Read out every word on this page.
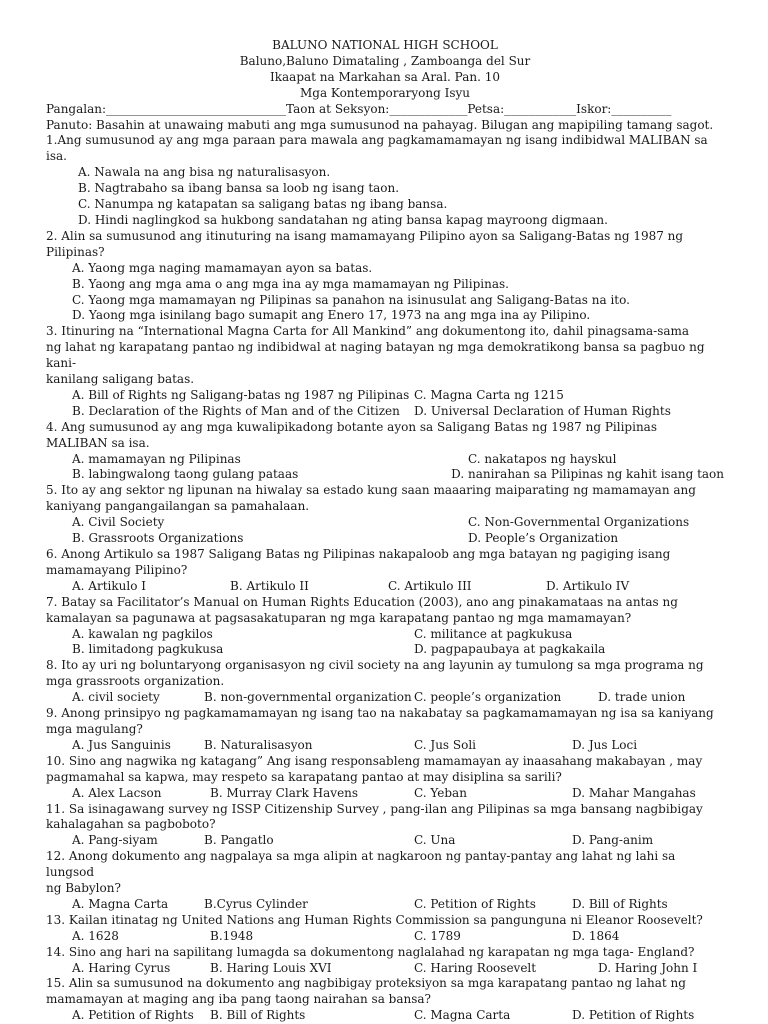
BALUNO NATIONAL HIGH SCHOOL
Baluno,Baluno Dimataling , Zamboanga del Sur
Ikaapat na Markahan sa Aral. Pan. 10
Mga Kontemporaryong Isyu
Pangalan:______________________________Taon at Seksyon:_____________Petsa:____________Iskor:__________
Panuto: Basahin at unawaing mabuti ang mga sumusunod na pahayag. Bilugan ang mapipiling tamang sagot.
1.Ang sumusunod ay ang mga paraan para mawala ang pagkamamamayan ng isang indibidwal MALIBAN sa isa.
A. Nawala na ang bisa ng naturalisasyon.
B. Nagtrabaho sa ibang bansa sa loob ng isang taon.
C. Nanumpa ng katapatan sa saligang batas ng ibang bansa.
D. Hindi naglingkod sa hukbong sandatahan ng ating bansa kapag mayroong digmaan.
2. Alin sa sumusunod ang itinuturing na isang mamamayang Pilipino ayon sa Saligang-Batas ng 1987 ng
Pilipinas?
A. Yaong mga naging mamamayan ayon sa batas.
B. Yaong ang mga ama o ang mga ina ay mga mamamayan ng Pilipinas.
C. Yaong mga mamamayan ng Pilipinas sa panahon na isinusulat ang Saligang-Batas na ito.
D. Yaong mga isinilang bago sumapit ang Enero 17, 1973 na ang mga ina ay Pilipino.
3. Itinuring na “International Magna Carta for All Mankind” ang dokumentong ito, dahil pinagsama-sama
ng lahat ng karapatang pantao ng indibidwal at naging batayan ng mga demokratikong bansa sa pagbuo ng kani-
kanilang saligang batas.
A. Bill of Rights ng Saligang-batas ng 1987 ng Pilipinas C. Magna Carta ng 1215
B. Declaration of the Rights of Man and of the Citizen	D. Universal Declaration of Human Rights
4. Ang sumusunod ay ang mga kuwalipikadong botante ayon sa Saligang Batas ng 1987 ng Pilipinas
MALIBAN sa isa.
A. mamamayan ng Pilipinas	C. nakatapos ng hayskul
B. labingwalong taong gulang pataas	D. nanirahan sa Pilipinas ng kahit isang taon
5. Ito ay ang sektor ng lipunan na hiwalay sa estado kung saan maaaring maiparating ng mamamayan ang
kaniyang pangangailangan sa pamahalaan.
A. Civil Society	C. Non-Governmental Organizations
B. Grassroots Organizations	D. People’s Organization
6. Anong Artikulo sa 1987 Saligang Batas ng Pilipinas nakapaloob ang mga batayan ng pagiging isang
mamamayang Pilipino?
A. Artikulo I	B. Artikulo II	C. Artikulo III	D. Artikulo IV
7. Batay sa Facilitator’s Manual on Human Rights Education (2003), ano ang pinakamataas na antas ng
kamalayan sa pagunawa at pagsasakatuparan ng mga karapatang pantao ng mga mamamayan?
A. kawalan ng pagkilos	C. militance at pagkukusa
B. limitadong pagkukusa	D. pagpapaubaya at pagkakaila
8. Ito ay uri ng boluntaryong organisasyon ng civil society na ang layunin ay tumulong sa mga programa ng
mga grassroots organization.
A. civil society	B. non-governmental organization C. people’s organization	D. trade union
9. Anong prinsipyo ng pagkamamamayan ng isang tao na nakabatay sa pagkamamamayan ng isa sa kaniyang
mga magulang?
A. Jus Sanguinis	B. Naturalisasyon	C. Jus Soli	D. Jus Loci
10. Sino ang nagwika ng katagang” Ang isang responsableng mamamayan ay inaasahang makabayan , may
pagmamahal sa kapwa, may respeto sa karapatang pantao at may disiplina sa sarili?
A. Alex Lacson	B. Murray Clark Havens	C. Yeban	D. Mahar Mangahas
11. Sa isinagawang survey ng ISSP Citizenship Survey , pang-ilan ang Pilipinas sa mga bansang nagbibigay
kahalagahan sa pagboboto?
A. Pang-siyam	B. Pangatlo	C. Una	D. Pang-anim
12. Anong dokumento ang nagpalaya sa mga alipin at nagkaroon ng pantay-pantay ang lahat ng lahi sa lungsod
ng Babylon?
A. Magna Carta	B.Cyrus Cylinder	C. Petition of Rights	D. Bill of Rights
13. Kailan itinatag ng United Nations ang Human Rights Commission sa pangunguna ni Eleanor Roosevelt?
A. 1628	B.1948	C. 1789	D. 1864
14. Sino ang hari na sapilitang lumagda sa dokumentong naglalahad ng karapatan ng mga taga- England?
A. Haring Cyrus	B. Haring Louis XVI	C. Haring Roosevelt	D. Haring John I
15. Alin sa sumusunod na dokumento ang nagbibigay proteksiyon sa mga karapatang pantao ng lahat ng
mamamayan at maging ang iba pang taong nairahan sa bansa?
A. Petition of Rights	B. Bill of Rights	C. Magna Carta	D. Petition of Rights
